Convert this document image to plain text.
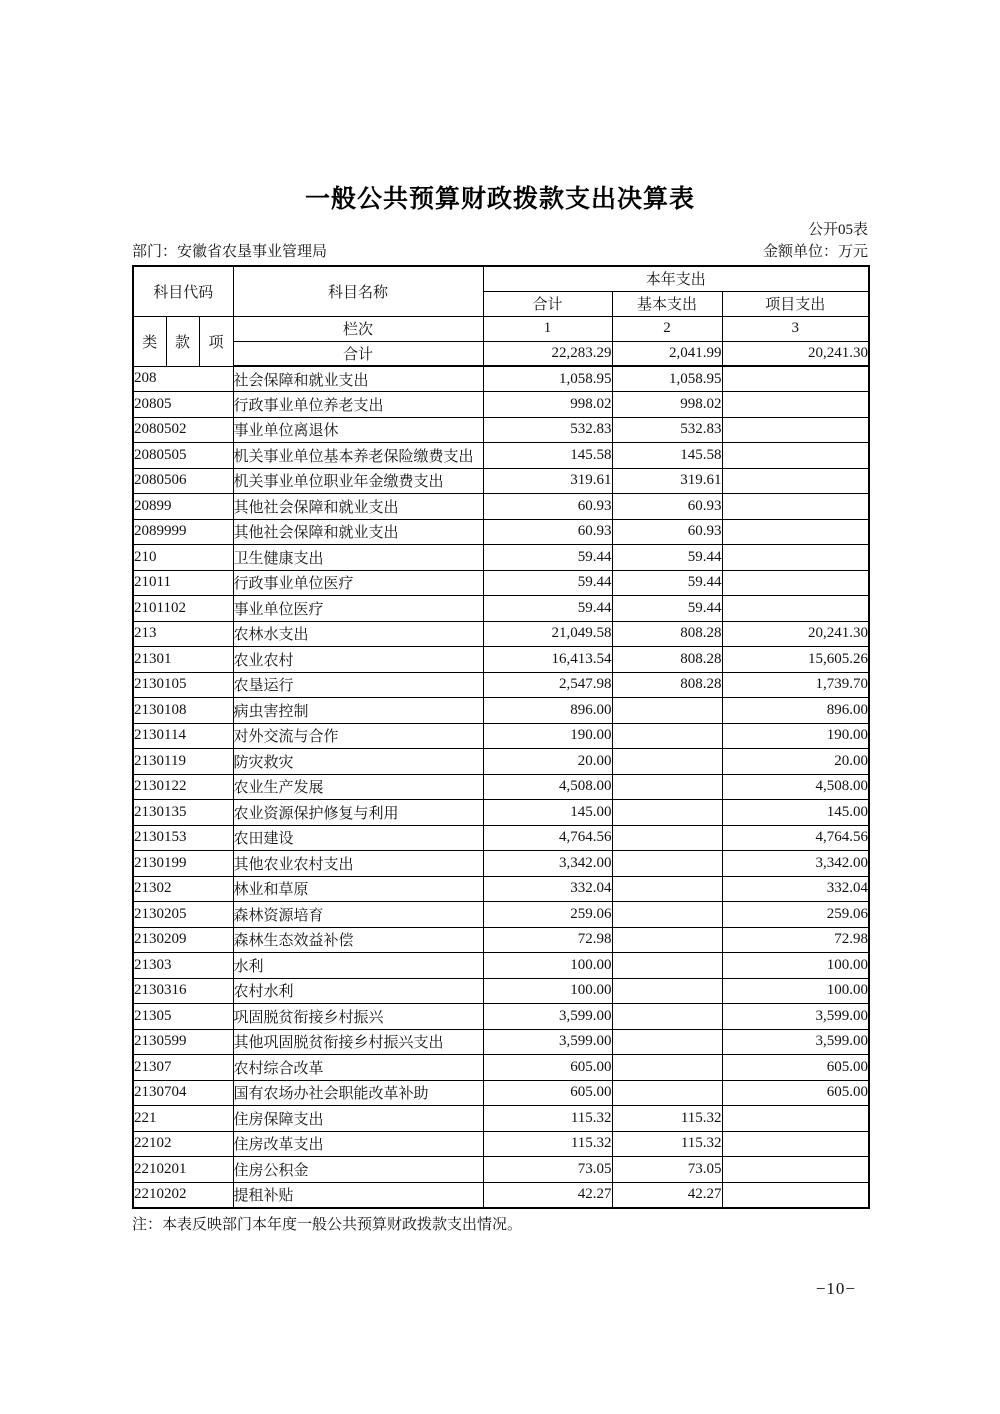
一般公共预算财政拨款支出决算表
公开05表
部门：安徽省农垦事业管理局	金额单位：万元
科目代码			科目名称	本年支出		
				合计	基本支出	项目支出
类	款	项	栏次	1	2	3
			合计	22,283.29	2,041.99	20,241.30
208			社会保障和就业支出	1,058.95	1,058.95	
20805			行政事业单位养老支出	998.02	998.02	
2080502			事业单位离退休	532.83	532.83	
2080505			机关事业单位基本养老保险缴费支出	145.58	145.58	
2080506			机关事业单位职业年金缴费支出	319.61	319.61	
20899			其他社会保障和就业支出	60.93	60.93	
2089999			其他社会保障和就业支出	60.93	60.93	
210			卫生健康支出	59.44	59.44	
21011			行政事业单位医疗	59.44	59.44	
2101102			事业单位医疗	59.44	59.44	
213			农林水支出	21,049.58	808.28	20,241.30
21301			农业农村	16,413.54	808.28	15,605.26
2130105			农垦运行	2,547.98	808.28	1,739.70
2130108			病虫害控制	896.00		896.00
2130114			对外交流与合作	190.00		190.00
2130119			防灾救灾	20.00		20.00
2130122			农业生产发展	4,508.00		4,508.00
2130135			农业资源保护修复与利用	145.00		145.00
2130153			农田建设	4,764.56		4,764.56
2130199			其他农业农村支出	3,342.00		3,342.00
21302			林业和草原	332.04		332.04
2130205			森林资源培育	259.06		259.06
2130209			森林生态效益补偿	72.98		72.98
21303			水利	100.00		100.00
2130316			农村水利	100.00		100.00
21305			巩固脱贫衔接乡村振兴	3,599.00		3,599.00
2130599			其他巩固脱贫衔接乡村振兴支出	3,599.00		3,599.00
21307			农村综合改革	605.00		605.00
2130704			国有农场办社会职能改革补助	605.00		605.00
221			住房保障支出	115.32	115.32	
22102			住房改革支出	115.32	115.32	
2210201			住房公积金	73.05	73.05	
2210202			提租补贴	42.27	42.27	
注：本表反映部门本年度一般公共预算财政拨款支出情况。
−10−
